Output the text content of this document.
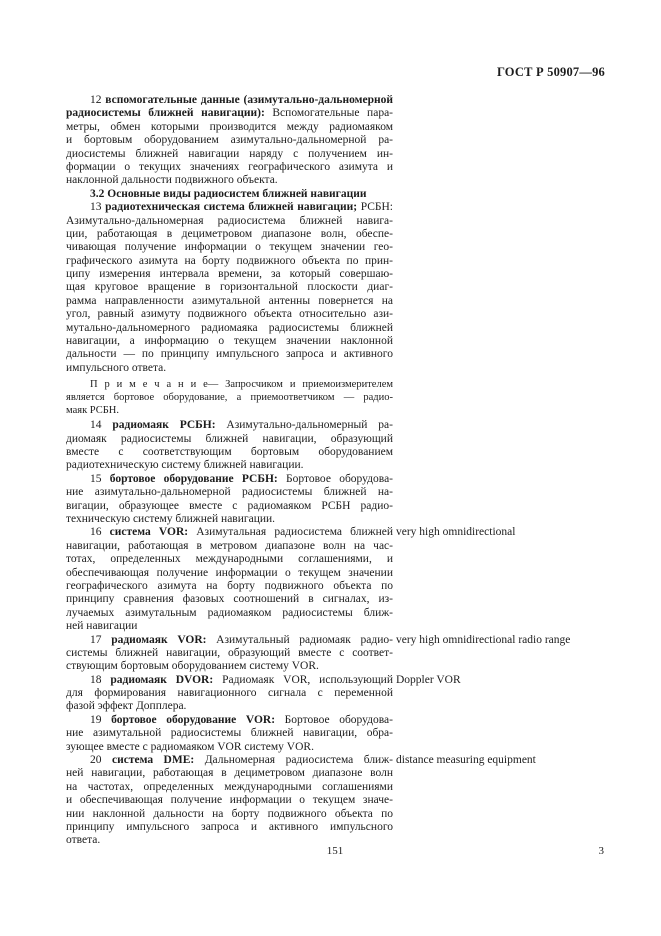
ГОСТ Р 50907—96
12 вспомогательные данные (азимутально-дальномерной
радиосистемы ближней навигации): Вспомогательные пара-
метры, обмен которыми производится между радиомаяком
и бортовым оборудованием азимутально-дальномерной ра-
диосистемы ближней навигации наряду с получением ин-
формации о текущих значениях географического азимута и
наклонной дальности подвижного объекта.
3.2 Основные виды радиосистем ближней навигации
13 радиотехническая система ближней навигации; РСБН:
Азимутально-дальномерная радиосистема ближней навига-
ции, работающая в дециметровом диапазоне волн, обеспе-
чивающая получение информации о текущем значении гео-
графического азимута на борту подвижного объекта по прин-
ципу измерения интервала времени, за который совершаю-
щая круговое вращение в горизонтальной плоскости диаг-
рамма направленности азимутальной антенны повернется на
угол, равный азимуту подвижного объекта относительно ази-
мутально-дальномерного радиомаяка радиосистемы ближней
навигации, а информацию о текущем значении наклонной
дальности — по принципу импульсного запроса и активного
импульсного ответа.
П р и м е ч а н и е— Запросчиком и приемоизмерителем
является бортовое оборудование, а приемоответчиком — радио-
маяк РСБН.
14 радиомаяк РСБН: Азимутально-дальномерный ра-
диомаяк радиосистемы ближней навигации, образующий
вместе с соответствующим бортовым оборудованием
радиотехническую систему ближней навигации.
15 бортовое оборудование РСБН: Бортовое оборудова-
ние азимутально-дальномерной радиосистемы ближней на-
вигации, образующее вместе с радиомаяком РСБН радио-
техническую систему ближней навигации.
16 система VOR: Азимутальная радиосистема ближней
навигации, работающая в метровом диапазоне волн на час-
тотах, определенных международными соглашениями, и
обеспечивающая получение информации о текущем значении
географического азимута на борту подвижного объекта по
принципу сравнения фазовых соотношений в сигналах, из-
лучаемых азимутальным радиомаяком радиосистемы ближ-
ней навигации
very high omnidirectional
17 радиомаяк VOR: Азимутальный радиомаяк радио-
системы ближней навигации, образующий вместе с соответ-
ствующим бортовым оборудованием систему VOR.
very high omnidirectional radio range
18 радиомаяк DVOR: Радиомаяк VOR, использующий
для формирования навигационного сигнала с переменной
фазой эффект Допплера.
Doppler VOR
19 бортовое оборудование VOR: Бортовое оборудова-
ние азимутальной радиосистемы ближней навигации, обра-
зующее вместе с радиомаяком VOR систему VOR.
20 система DME: Дальномерная радиосистема ближ-
ней навигации, работающая в дециметровом диапазоне волн
на частотах, определенных международными соглашениями
и обеспечивающая получение информации о текущем значе-
нии наклонной дальности на борту подвижного объекта по
принципу импульсного запроса и активного импульсного
ответа.
distance measuring equipment
151	3
